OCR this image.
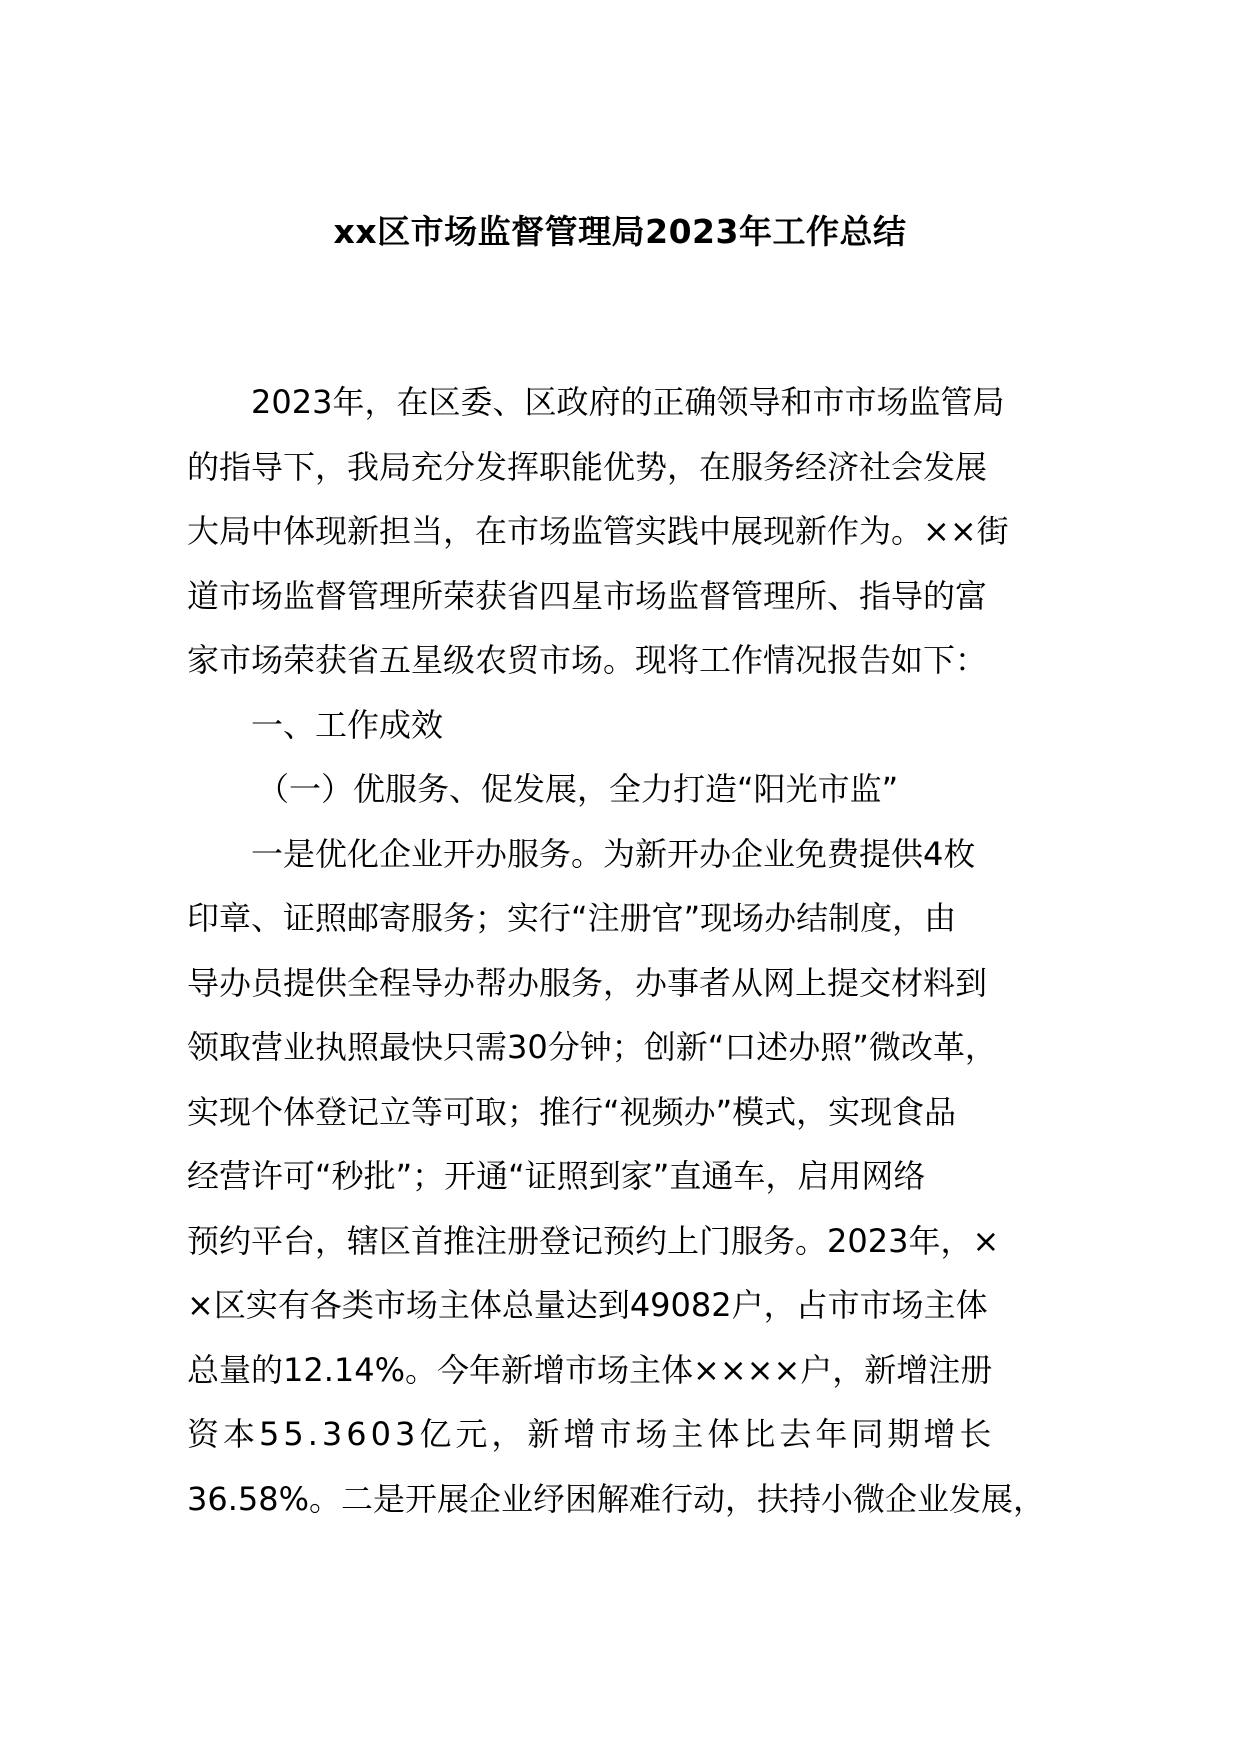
xx区市场监督管理局2023年工作总结
2023年，在区委、区政府的正确领导和市市场监管局
的指导下，我局充分发挥职能优势，在服务经济社会发展
大局中体现新担当，在市场监管实践中展现新作为。××街
道市场监督管理所荣获省四星市场监督管理所、指导的富
家市场荣获省五星级农贸市场。现将工作情况报告如下：
一、工作成效
（一）优服务、促发展，全力打造“阳光市监”
一是优化企业开办服务。为新开办企业免费提供4枚
印章、证照邮寄服务；实行“注册官”现场办结制度，由
导办员提供全程导办帮办服务，办事者从网上提交材料到
领取营业执照最快只需30分钟；创新“口述办照”微改革，
实现个体登记立等可取；推行“视频办”模式，实现食品
经营许可“秒批”；开通“证照到家”直通车，启用网络
预约平台，辖区首推注册登记预约上门服务。2023年，×
×区实有各类市场主体总量达到49082户，占市市场主体
总量的12.14%。今年新增市场主体××××户，新增注册
资本55.3603亿元，新增市场主体比去年同期增长
36.58%。二是开展企业纾困解难行动，扶持小微企业发展，
